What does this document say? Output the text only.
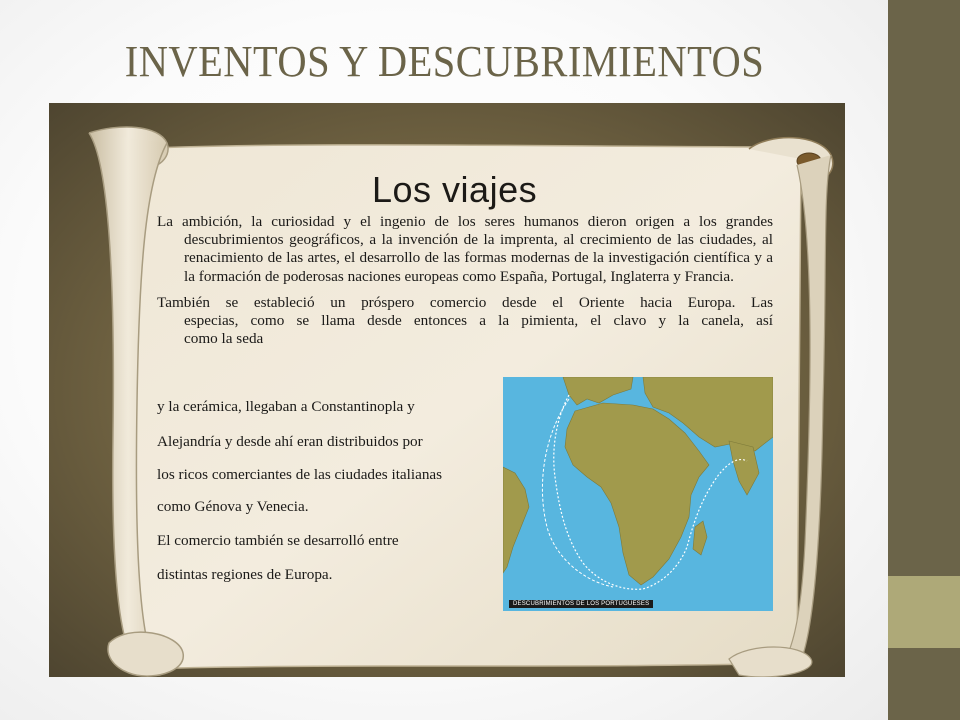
INVENTOS Y DESCUBRIMIENTOS
Los viajes

La ambición, la curiosidad y el ingenio de los seres humanos dieron origen a los grandes descubrimientos geográficos, a la invención de la imprenta, al crecimiento de las ciudades, al renacimiento de las artes, el desarrollo de las formas modernas de la investigación científica y a la formación de poderosas naciones europeas como España, Portugal, Inglaterra y Francia.

También se estableció un próspero comercio desde el Oriente hacia Europa. Las

especias, como se llama desde entonces a la pimienta, el clavo y la canela, así

como la seda

y la cerámica, llegaban a Constantinopla y
Alejandría y desde ahí eran distribuidos por
los ricos comerciantes de las ciudades italianas
como Génova y Venecia.
El comercio también se desarrolló entre
distintas regiones de Europa.
DESCUBRIMIENTOS DE LOS PORTUGUESES
